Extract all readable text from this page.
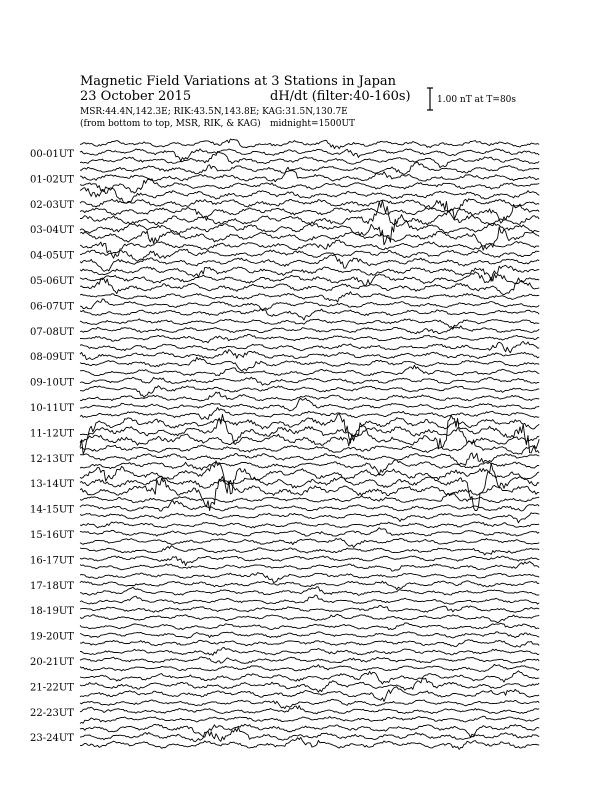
Magnetic Field Variations at 3 Stations in Japan
23 October 2015	dH/dt (filter:40-160s)
MSR:44.4N,142.3E; RIK:43.5N,143.8E; KAG:31.5N,130.7E
(from bottom to top, MSR, RIK, & KAG) midnight=1500UT
1.00 nT at T=80s
00-01UT
01-02UT
02-03UT
03-04UT
04-05UT
05-06UT
06-07UT
07-08UT
08-09UT
09-10UT
10-11UT
11-12UT
12-13UT
13-14UT
14-15UT
15-16UT
16-17UT
17-18UT
18-19UT
19-20UT
20-21UT
21-22UT
22-23UT
23-24UT
